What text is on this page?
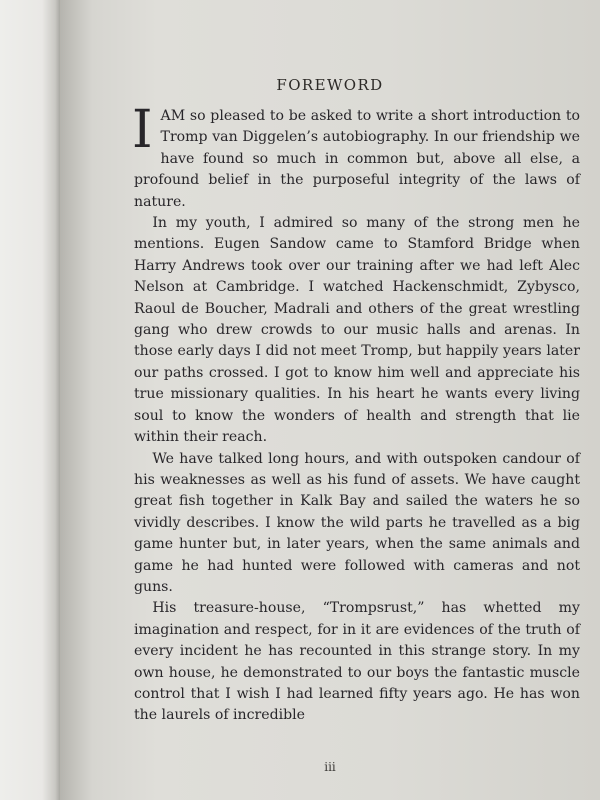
FOREWORD

IAM so pleased to be asked to write a short introduction to Tromp van Diggelen’s autobiography. In our friendship we have found so much in common but, above all else, a profound belief in the purposeful integrity of the laws of nature.

In my youth, I admired so many of the strong men he mentions. Eugen Sandow came to Stamford Bridge when Harry Andrews took over our training after we had left Alec Nelson at Cambridge. I watched Hackenschmidt, Zybysco, Raoul de Boucher, Madrali and others of the great wrestling gang who drew crowds to our music halls and arenas. In those early days I did not meet Tromp, but happily years later our paths crossed. I got to know him well and appreciate his true missionary qualities. In his heart he wants every living soul to know the wonders of health and strength that lie within their reach.

We have talked long hours, and with outspoken candour of his weaknesses as well as his fund of assets. We have caught great fish together in Kalk Bay and sailed the waters he so vividly describes. I know the wild parts he travelled as a big game hunter but, in later years, when the same animals and game he had hunted were followed with cameras and not guns.

His treasure-house, “Trompsrust,” has whetted my imagination and respect, for in it are evidences of the truth of every incident he has recounted in this strange story. In my own house, he demonstrated to our boys the fantastic muscle control that I wish I had learned fifty years ago. He has won the laurels of incredible

iii
